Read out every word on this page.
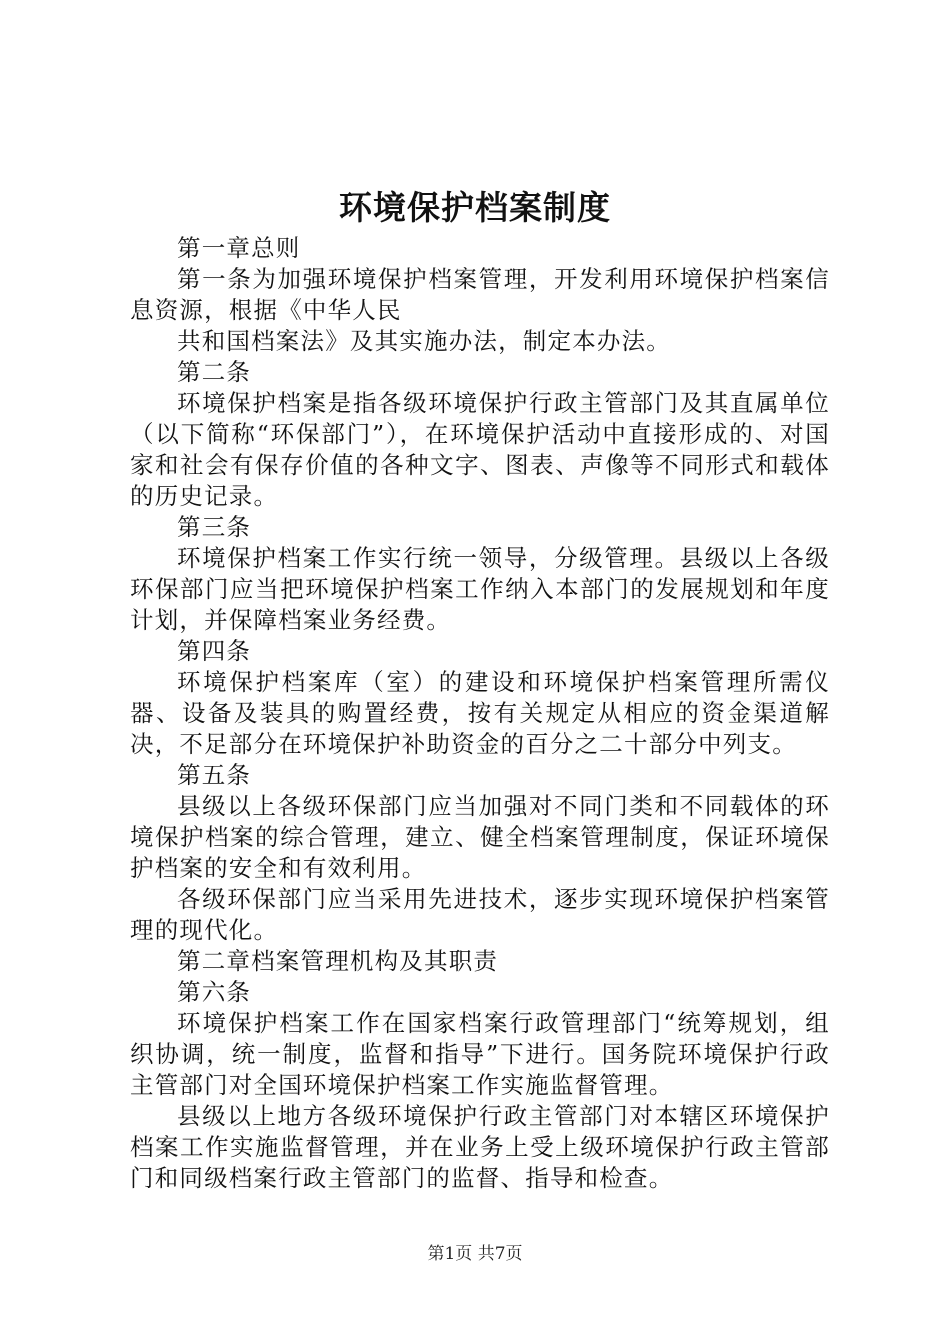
环境保护档案制度

第一章总则

第一条为加强环境保护档案管理，开发利用环境保护档案信息资源，根据《中华人民

共和国档案法》及其实施办法，制定本办法。

第二条

环境保护档案是指各级环境保护行政主管部门及其直属单位（以下简称“环保部门”），在环境保护活动中直接形成的、对国家和社会有保存价值的各种文字、图表、声像等不同形式和载体的历史记录。

第三条

环境保护档案工作实行统一领导，分级管理。县级以上各级环保部门应当把环境保护档案工作纳入本部门的发展规划和年度计划，并保障档案业务经费。

第四条

环境保护档案库（室）的建设和环境保护档案管理所需仪器、设备及装具的购置经费，按有关规定从相应的资金渠道解决，不足部分在环境保护补助资金的百分之二十部分中列支。

第五条

县级以上各级环保部门应当加强对不同门类和不同载体的环境保护档案的综合管理，建立、健全档案管理制度，保证环境保护档案的安全和有效利用。

各级环保部门应当采用先进技术，逐步实现环境保护档案管理的现代化。

第二章档案管理机构及其职责

第六条

环境保护档案工作在国家档案行政管理部门“统筹规划，组织协调，统一制度，监督和指导”下进行。国务院环境保护行政主管部门对全国环境保护档案工作实施监督管理。

县级以上地方各级环境保护行政主管部门对本辖区环境保护档案工作实施监督管理，并在业务上受上级环境保护行政主管部门和同级档案行政主管部门的监督、指导和检查。

第1页 共7页
